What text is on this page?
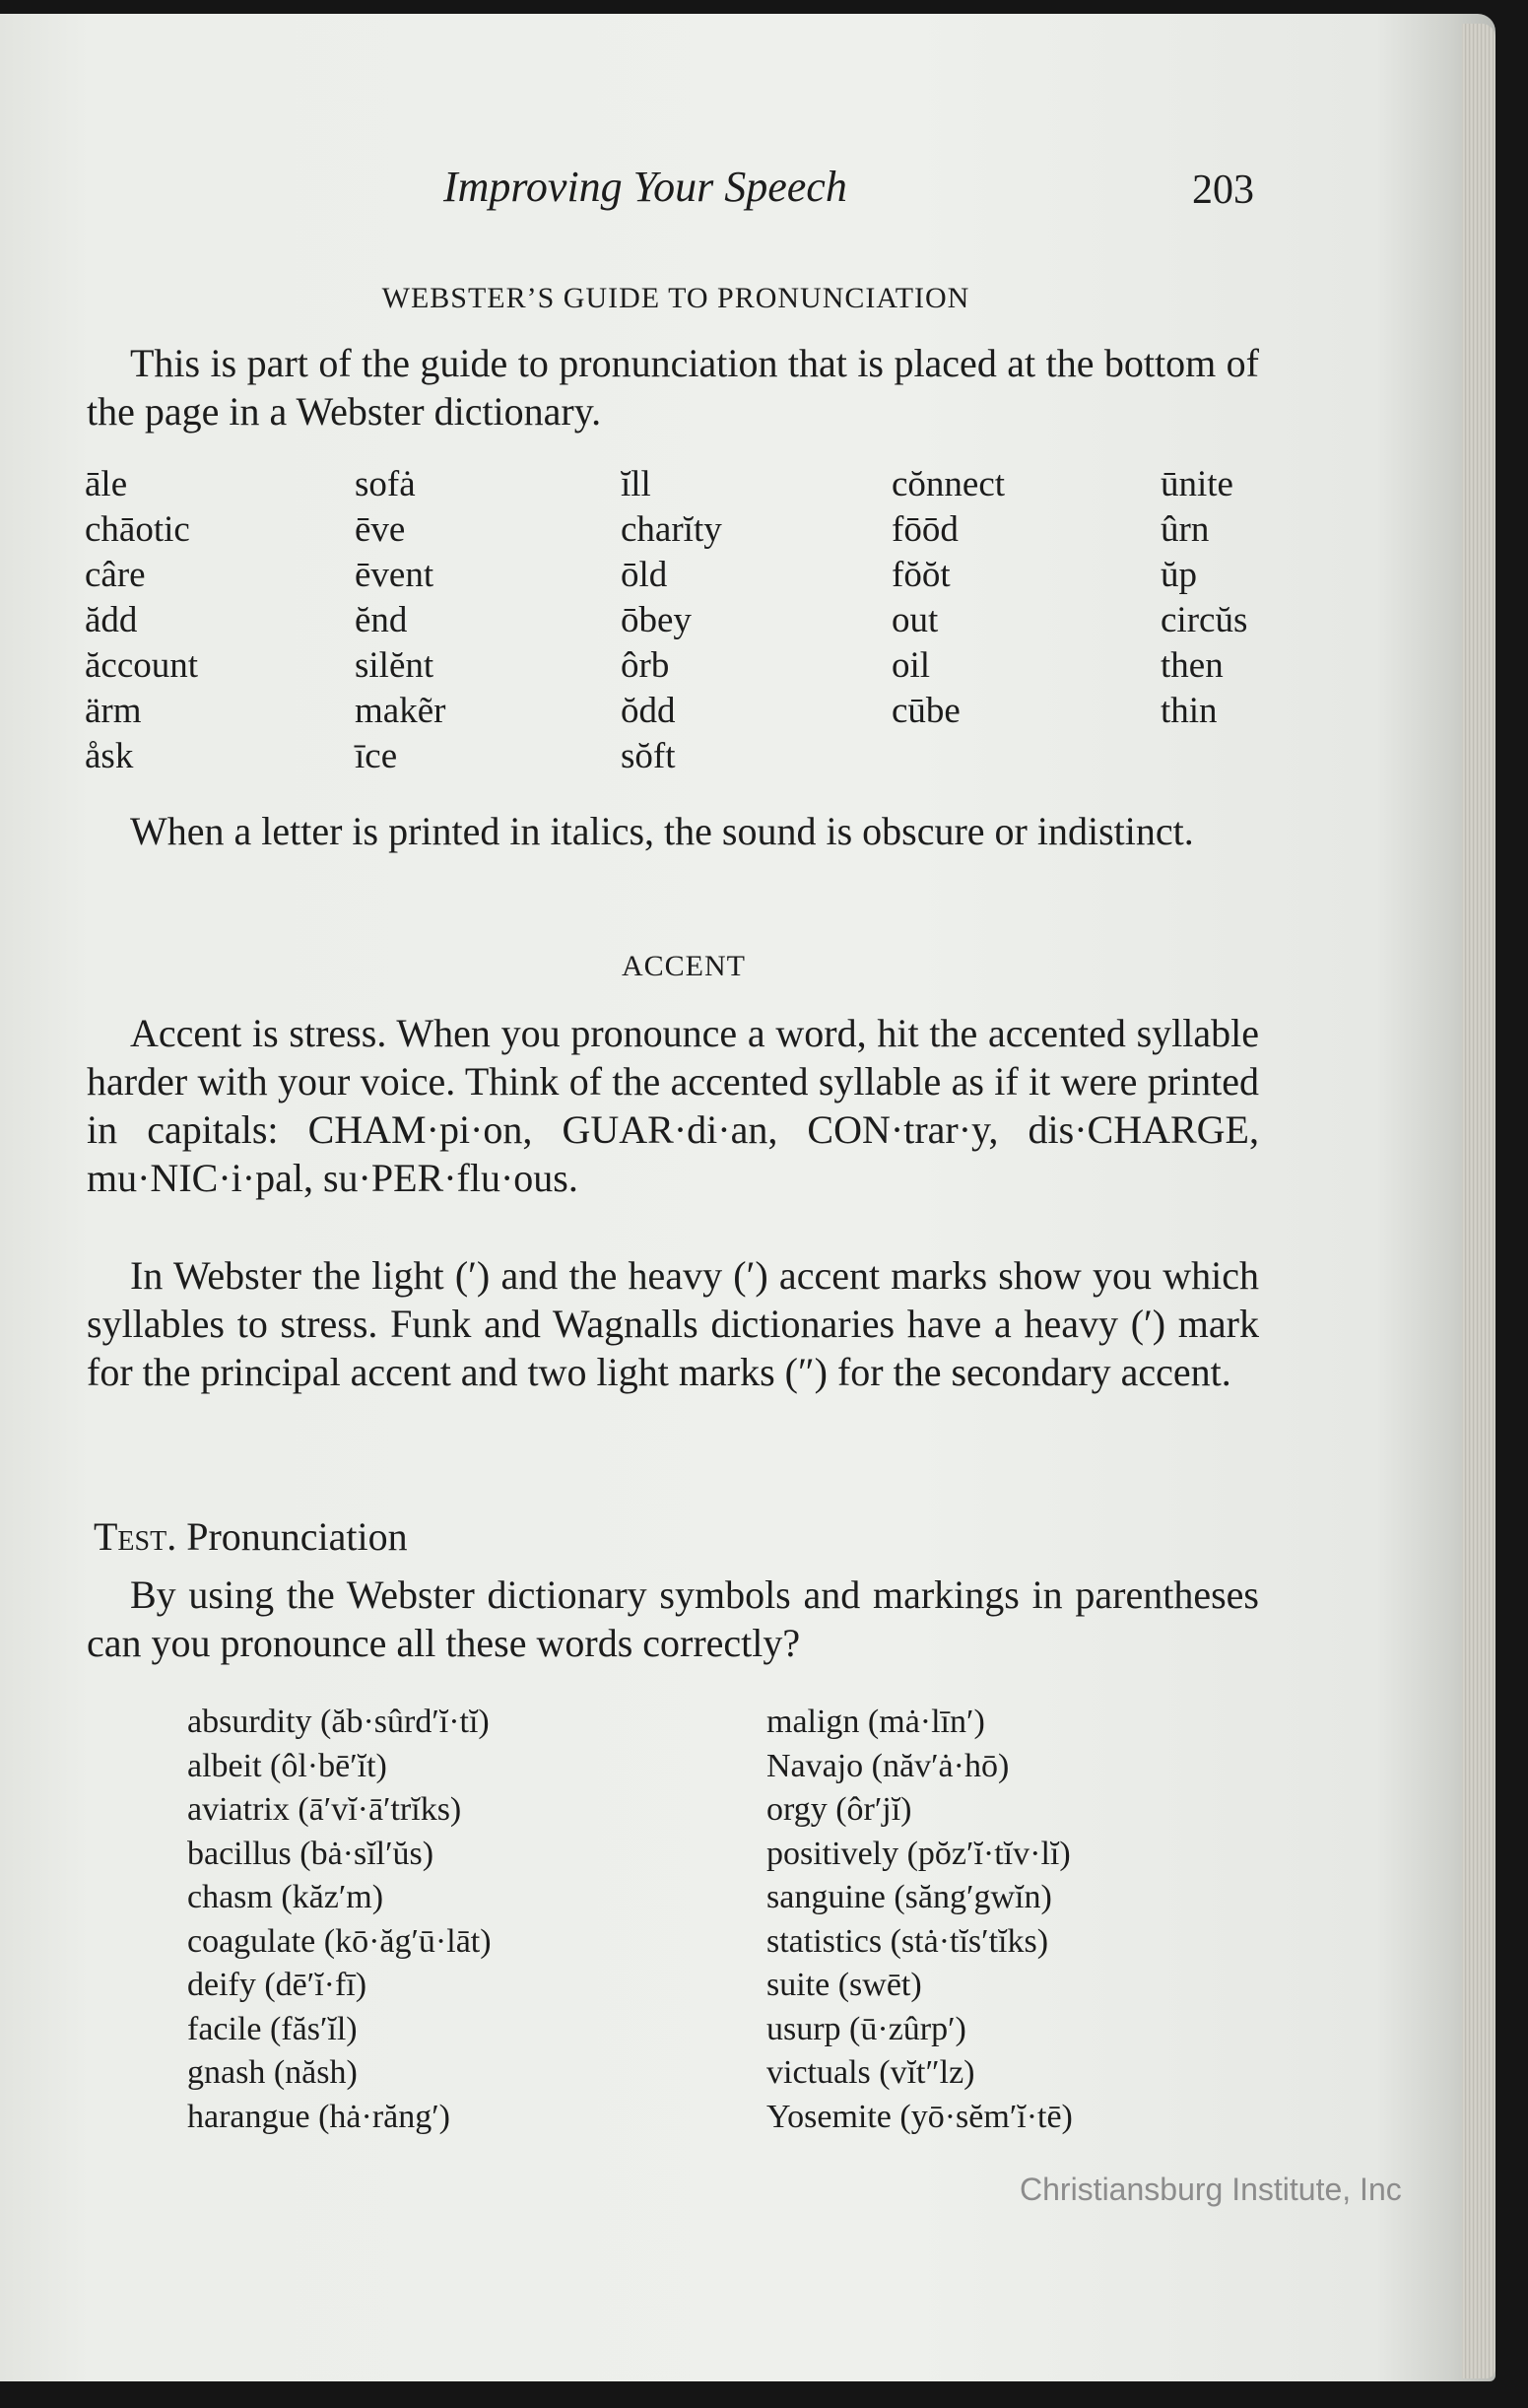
Improving Your Speech	203
WEBSTER’S GUIDE TO PRONUNCIATION
This is part of the guide to pronunciation that is placed at the bottom of the page in a Webster dictionary.
āle
chāotic
câre
ădd
ăccount
ärm
åsk
sofȧ
ēve
ēvent
ĕnd
silĕnt
makẽr
īce
ĭll
charĭty
ōld
ōbey
ôrb
ŏdd
sŏft
cŏnnect
fōōd
fŏŏt
out
oil
cūbe
ūnite
ûrn
ŭp
circŭs
then
thin
When a letter is printed in italics, the sound is obscure or indistinct.
ACCENT
Accent is stress. When you pronounce a word, hit the accented syllable harder with your voice. Think of the accented syllable as if it were printed in capitals: CHAM·pi·on, GUAR·di·an, CON·trar·y, dis·CHARGE, mu·NIC·i·pal, su·PER·flu·ous.
In Webster the light (′) and the heavy (′) accent marks show you which syllables to stress. Funk and Wagnalls dictionaries have a heavy (′) mark for the principal accent and two light marks (″) for the secondary accent.
Test. Pronunciation
By using the Webster dictionary symbols and markings in parentheses can you pronounce all these words correctly?
absurdity (ăb·sûrd′ĭ·tĭ)
albeit (ôl·bē′ĭt)
aviatrix (ā′vĭ·ā′trĭks)
bacillus (bȧ·sĭl′ŭs)
chasm (kăz′m)
coagulate (kō·ăg′ū·lāt)
deify (dē′ĭ·fī)
facile (făs′ĭl)
gnash (năsh)
harangue (hȧ·răng′)
malign (mȧ·līn′)
Navajo (năv′ȧ·hō)
orgy (ôr′jĭ)
positively (pŏz′ĭ·tĭv·lĭ)
sanguine (săng′gwĭn)
statistics (stȧ·tĭs′tĭks)
suite (swēt)
usurp (ū·zûrp′)
victuals (vĭt″lz)
Yosemite (yō·sĕm′ĭ·tē)
Christiansburg Institute, Inc
